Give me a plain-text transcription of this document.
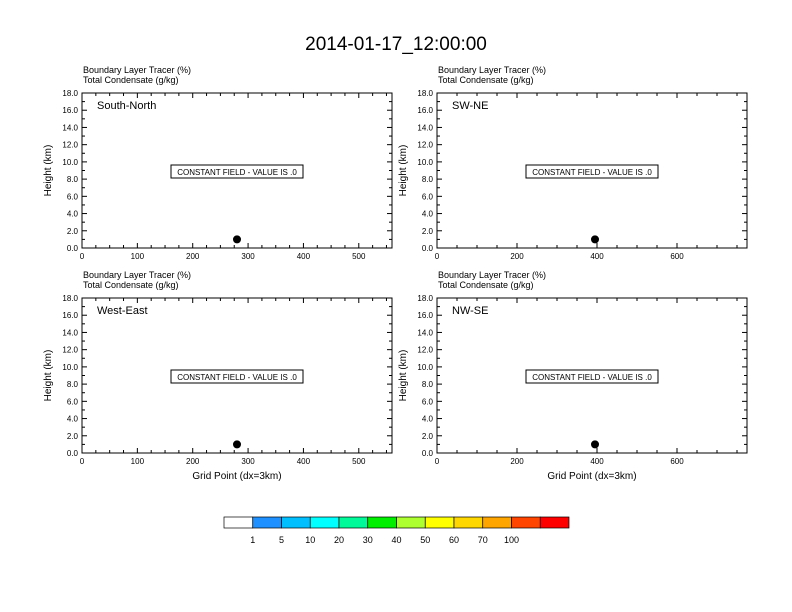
2014-01-17_12:00:00
Boundary Layer Tracer (%)
Total Condensate (g/kg)
0.0
2.0
4.0
6.0
8.0
10.0
12.0
14.0
16.0
18.0
0	100	200	300	400	500
Height (km)
South-North
CONSTANT FIELD - VALUE IS .0
Boundary Layer Tracer (%)
Total Condensate (g/kg)
0.0
2.0
4.0
6.0
8.0
10.0
12.0
14.0
16.0
18.0
0	200	400	600
Height (km)
SW-NE
CONSTANT FIELD - VALUE IS .0
Boundary Layer Tracer (%)
Total Condensate (g/kg)
0.0
2.0
4.0
6.0
8.0
10.0
12.0
14.0
16.0
18.0
0	100	200	300	400	500
Height (km)
Grid Point (dx=3km)
West-East
CONSTANT FIELD - VALUE IS .0
Boundary Layer Tracer (%)
Total Condensate (g/kg)
0.0
2.0
4.0
6.0
8.0
10.0
12.0
14.0
16.0
18.0
0	200	400	600
Height (km)
Grid Point (dx=3km)
NW-SE
CONSTANT FIELD - VALUE IS .0
1	5 10 20 30 40 50 60 70 100
